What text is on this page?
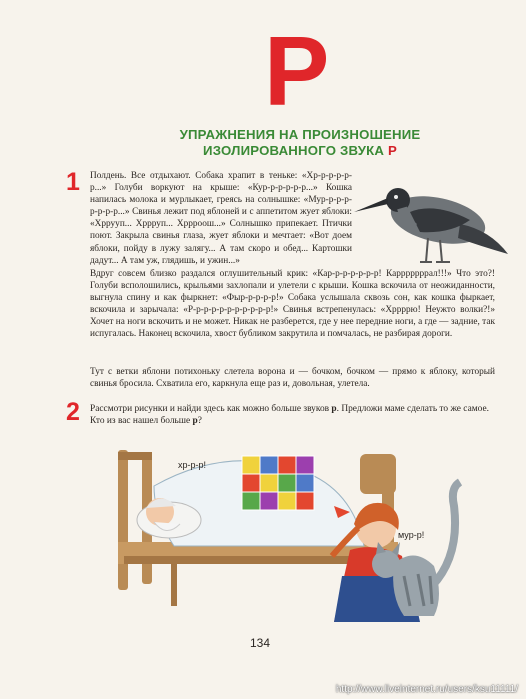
Р
УПРАЖНЕНИЯ НА ПРОИЗНОШЕНИЕ
ИЗОЛИРОВАННОГО ЗВУКА Р
1 Полдень. Все отдыхают. Собака храпит в теньке: «Хр-р-р-р-р-р...» Голуби воркуют на крыше: «Кур-р-р-р-р-р...» Кошка напилась молока и мурлыкает, греясь на солнышке: «Мур-р-р-р-р-р-р-р...» Свинья лежит под яблоней и с аппетитом жует яблоки: «Хррууп... Хррруп... Хррроош...» Солнышко припекает. Птички поют. Закрыла свинья глаза, жует яблоки и мечтает: «Вот доем яблоки, пойду в лужу залягу... А там скоро и обед... Картошки дадут... А там уж, глядишь, и ужин...»

Вдруг совсем близко раздался оглушительный крик: «Кар-р-р-р-р-р-р! Карррррррал!!!» Что это?! Голуби всполошились, крыльями захлопали и улетели с крыши. Кошка вскочила от неожиданности, выгнула спину и как фыркнет: «Фыр-р-р-р-р!» Собака услышала сквозь сон, как кошка фыркает, вскочила и зарычала: «Р-р-р-р-р-р-р-р-р-р-р!» Свинья встрепенулась: «Хррррю! Неужто волки?!» Хочет на ноги вскочить и не может. Никак не разберется, где у нее передние ноги, а где — задние, так испугалась. Наконец вскочила, хвост бубликом закрутила и помчалась, не разбирая дороги.

Тут с ветки яблони потихоньку слетела ворона и — бочком, бочком — прямо к яблоку, который свинья бросила. Схватила его, каркнула еще раз и, довольная, улетела.

2 Рассмотри рисунки и найди здесь как можно больше звуков р. Предложи маме сделать то же самое. Кто из вас нашел больше р?

хр-р-р!
мур-р!
134
http://www.liveinternet.ru/users/ksu11111/
